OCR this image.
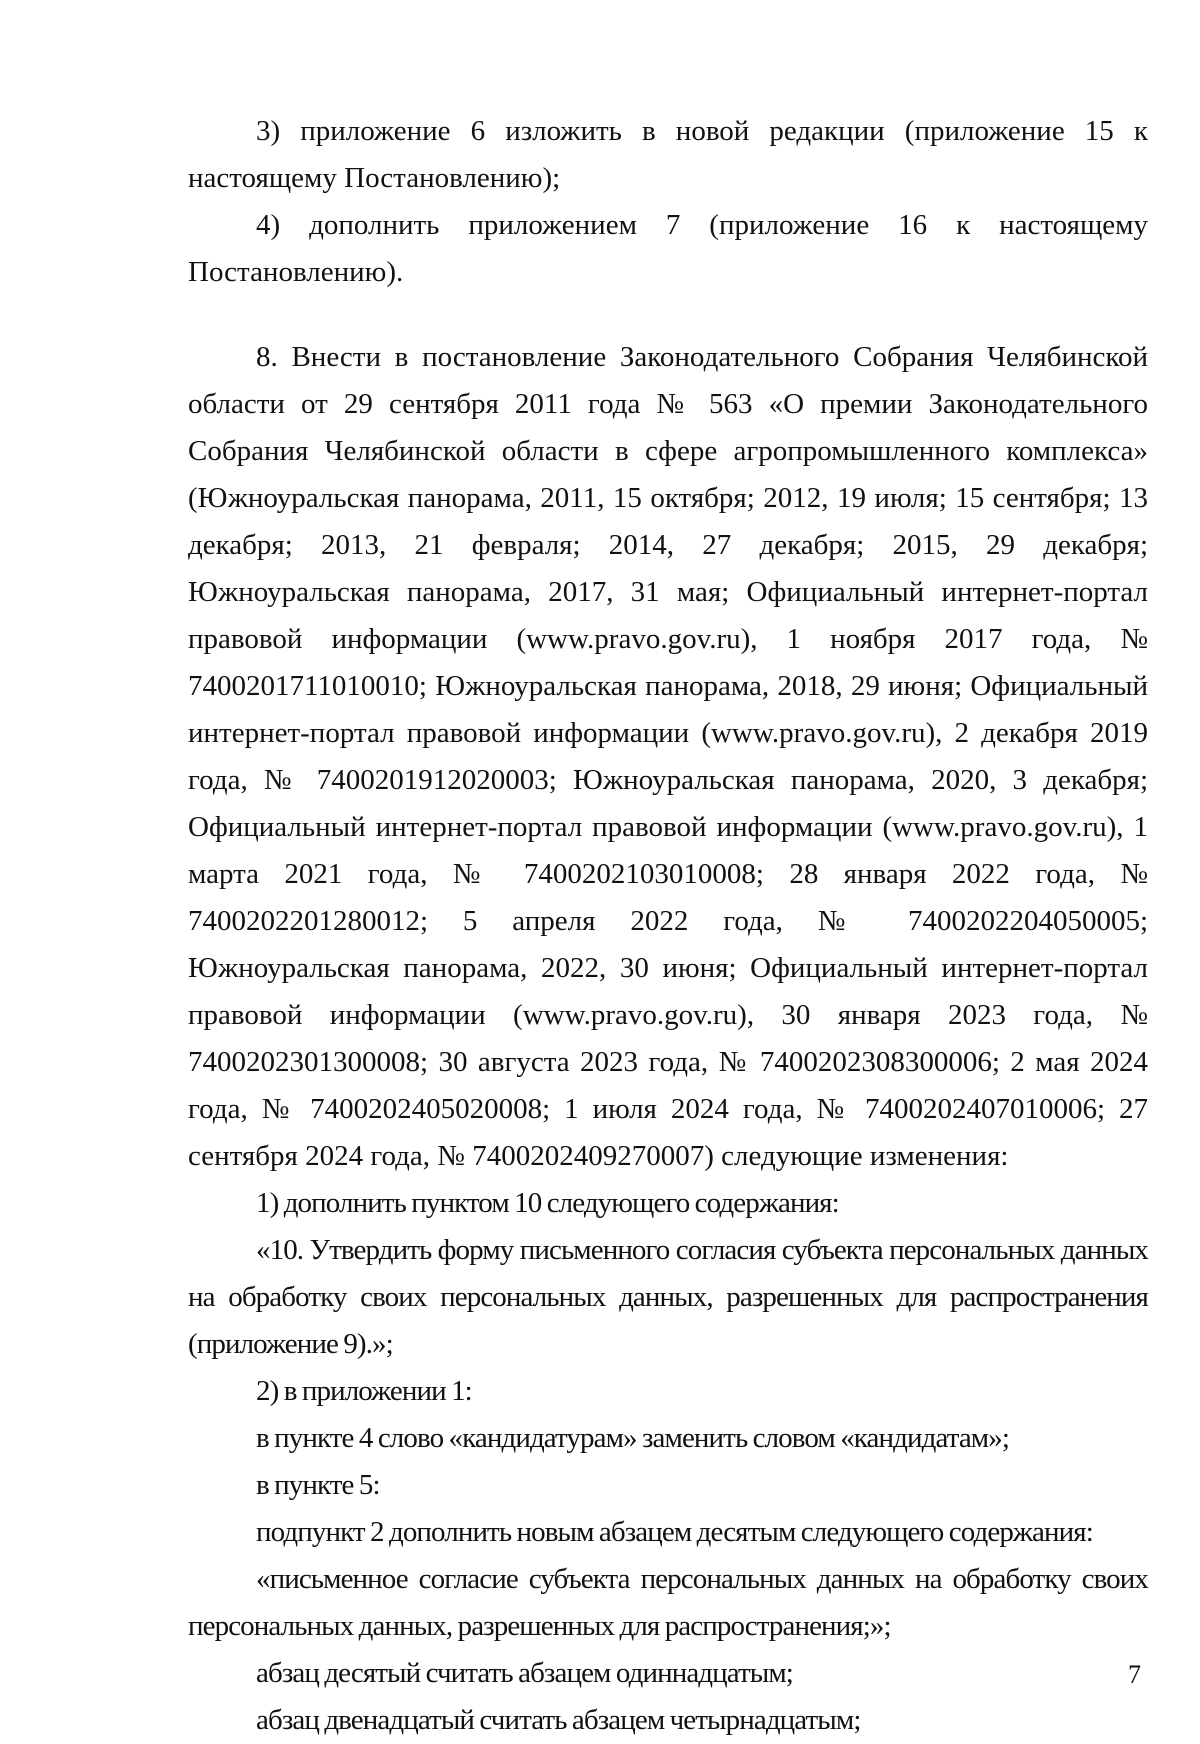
3) приложение 6 изложить в новой редакции (приложение 15 к настоящему Постановлению);

4) дополнить приложением 7 (приложение 16 к настоящему Постановлению).

8. Внести в постановление Законодательного Собрания Челябинской области от 29 сентября 2011 года № 563 «О премии Законодательного Собрания Челябинской области в сфере агропромышленного комплекса» (Южноуральская панорама, 2011, 15 октября; 2012, 19 июля; 15 сентября; 13 декабря; 2013, 21 февраля; 2014, 27 декабря; 2015, 29 декабря; Южноуральская панорама, 2017, 31 мая; Официальный интернет-портал правовой информации (www.pravo.gov.ru), 1 ноября 2017 года, № 7400201711010010; Южноуральская панорама, 2018, 29 июня; Официальный интернет-портал правовой информации (www.pravo.gov.ru), 2 декабря 2019 года, № 7400201912020003; Южноуральская панорама, 2020, 3 декабря; Официальный интернет-портал правовой информации (www.pravo.gov.ru), 1 марта 2021 года, № 7400202103010008; 28 января 2022 года, № 7400202201280012; 5 апреля 2022 года, № 7400202204050005; Южноуральская панорама, 2022, 30 июня; Официальный интернет-портал правовой информации (www.pravo.gov.ru), 30 января 2023 года, № 7400202301300008; 30 августа 2023 года, № 7400202308300006; 2 мая 2024 года, № 7400202405020008; 1 июля 2024 года, № 7400202407010006; 27 сентября 2024 года, № 7400202409270007) следующие изменения:

1) дополнить пунктом 10 следующего содержания:

«10. Утвердить форму письменного согласия субъекта персональных данных на обработку своих персональных данных, разрешенных для распространения (приложение 9).»;

2) в приложении 1:

в пункте 4 слово «кандидатурам» заменить словом «кандидатам»;

в пункте 5:

подпункт 2 дополнить новым абзацем десятым следующего содержания:

«письменное согласие субъекта персональных данных на обработку своих персональных данных, разрешенных для распространения;»;

абзац десятый считать абзацем одиннадцатым;

абзац двенадцатый считать абзацем четырнадцатым;

7
